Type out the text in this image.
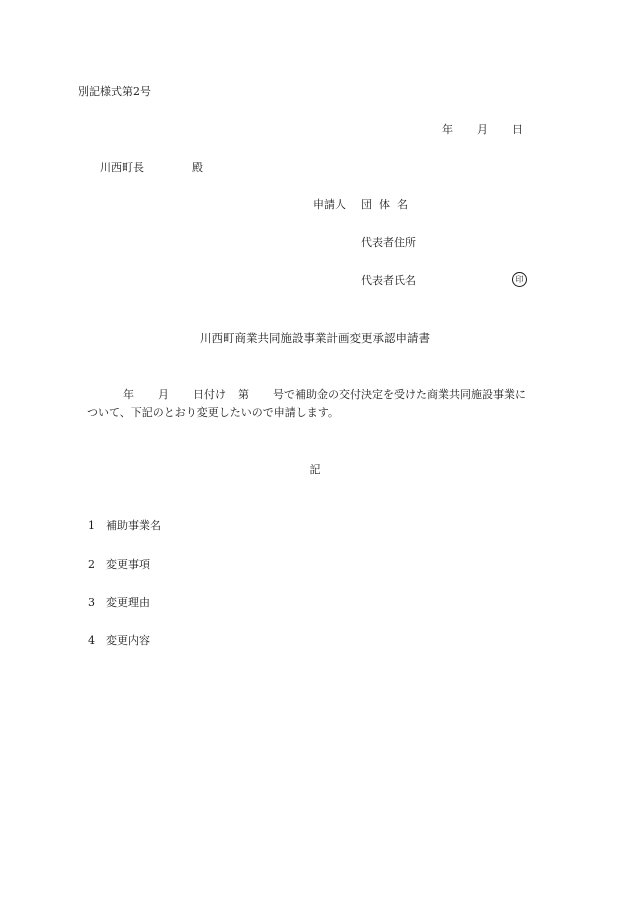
別記様式第2号
年 月 日
川西町長	殿
申請人 団体名
代表者住所
代表者氏名	印
川西町商業共同施設事業計画変更承認申請書
年 月 日付け 第 号で補助金の交付決定を受けた商業共同施設事業に
ついて、下記のとおり変更したいので申請します。
記
1 補助事業名
2 変更事項
3 変更理由
4 変更内容
